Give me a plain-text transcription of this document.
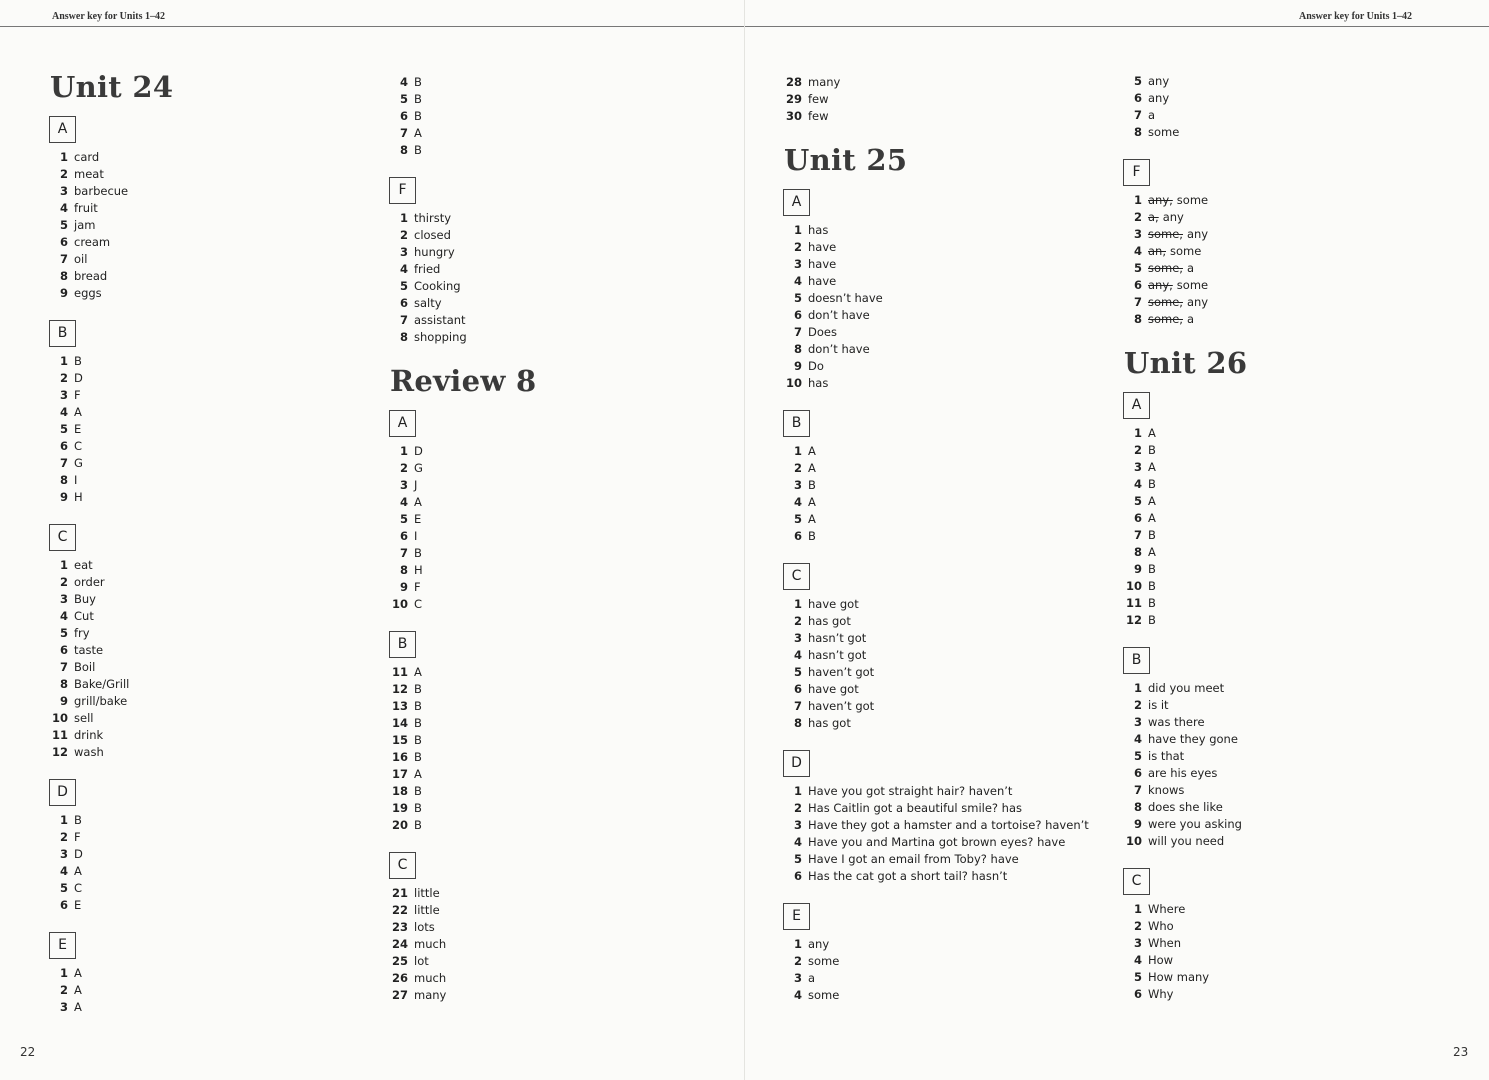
Answer key for Units 1–42	Answer key for Units 1–42
Unit 24
A
1 card
2 meat
3 barbecue
4 fruit
5 jam
6 cream
7 oil
8 bread
9 eggs
B
1 B
2 D
3 F
4 A
5 E
6 C
7 G
8 I
9 H
C
1 eat
2 order
3 Buy
4 Cut
5 fry
6 taste
7 Boil
8 Bake/Grill
9 grill/bake
10 sell
11 drink
12 wash
D
1 B
2 F
3 D
4 A
5 C
6 E
E
1 A
2 A
3 A
4 B
5 B
6 B
7 A
8 B
F
1 thirsty
2 closed
3 hungry
4 fried
5 Cooking
6 salty
7 assistant
8 shopping
Review 8
A
1 D
2 G
3 J
4 A
5 E
6 I
7 B
8 H
9 F
10 C
B
11 A
12 B
13 B
14 B
15 B
16 B
17 A
18 B
19 B
20 B
C
21 little
22 little
23 lots
24 much
25 lot
26 much
27 many
28 many
29 few
30 few
Unit 25
A
1 has
2 have
3 have
4 have
5 doesn’t have
6 don’t have
7 Does
8 don’t have
9 Do
10 has
B
1 A
2 A
3 B
4 A
5 A
6 B
C
1 have got
2 has got
3 hasn’t got
4 hasn’t got
5 haven’t got
6 have got
7 haven’t got
8 has got
D
1 Have you got straight hair? haven’t
2 Has Caitlin got a beautiful smile? has
3 Have they got a hamster and a tortoise? haven’t
4 Have you and Martina got brown eyes? have
5 Have I got an email from Toby? have
6 Has the cat got a short tail? hasn’t
E
1 any
2 some
3 a
4 some
5 any
6 any
7 a
8 some
F
1 any, some
2 a, any
3 some, any
4 an, some
5 some, a
6 any, some
7 some, any
8 some, a
Unit 26
A
1 A
2 B
3 A
4 B
5 A
6 A
7 B
8 A
9 B
10 B
11 B
12 B
B
1 did you meet
2 is it
3 was there
4 have they gone
5 is that
6 are his eyes
7 knows
8 does she like
9 were you asking
10 will you need
C
1 Where
2 Who
3 When
4 How
5 How many
6 Why
22	23
